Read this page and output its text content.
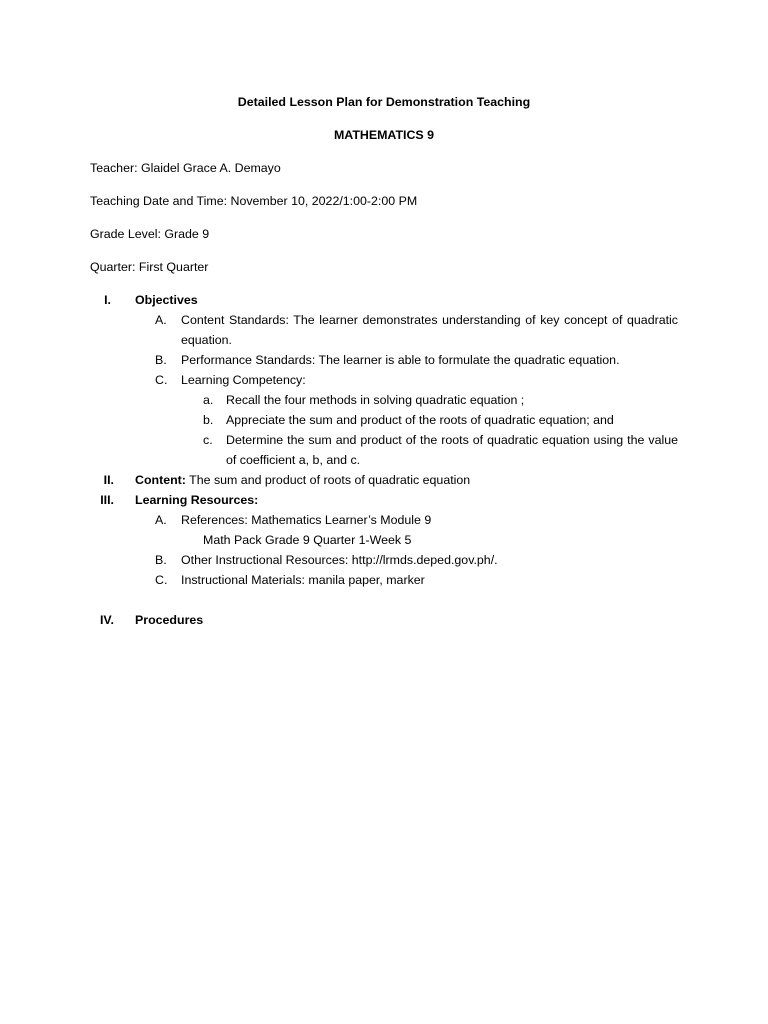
Detailed Lesson Plan for Demonstration Teaching
MATHEMATICS 9
Teacher: Glaidel Grace A. Demayo
Teaching Date and Time: November 10, 2022/1:00-2:00 PM
Grade Level: Grade 9
Quarter: First Quarter
I. Objectives
A.	Content Standards: The learner demonstrates understanding of key concept of quadratic equation.
B.	Performance Standards: The learner is able to formulate the quadratic equation.
C.	Learning Competency:
a.	Recall the four methods in solving quadratic equation ;
b.	Appreciate the sum and product of the roots of quadratic equation; and
c.	Determine the sum and product of the roots of quadratic equation using the value of coefficient a, b, and c.
II. Content: The sum and product of roots of quadratic equation
III. Learning Resources:
A.	References: Mathematics Learner’s Module 9
Math Pack Grade 9 Quarter 1-Week 5
B.	Other Instructional Resources: http://lrmds.deped.gov.ph/.
C.	Instructional Materials: manila paper, marker
IV. Procedures
